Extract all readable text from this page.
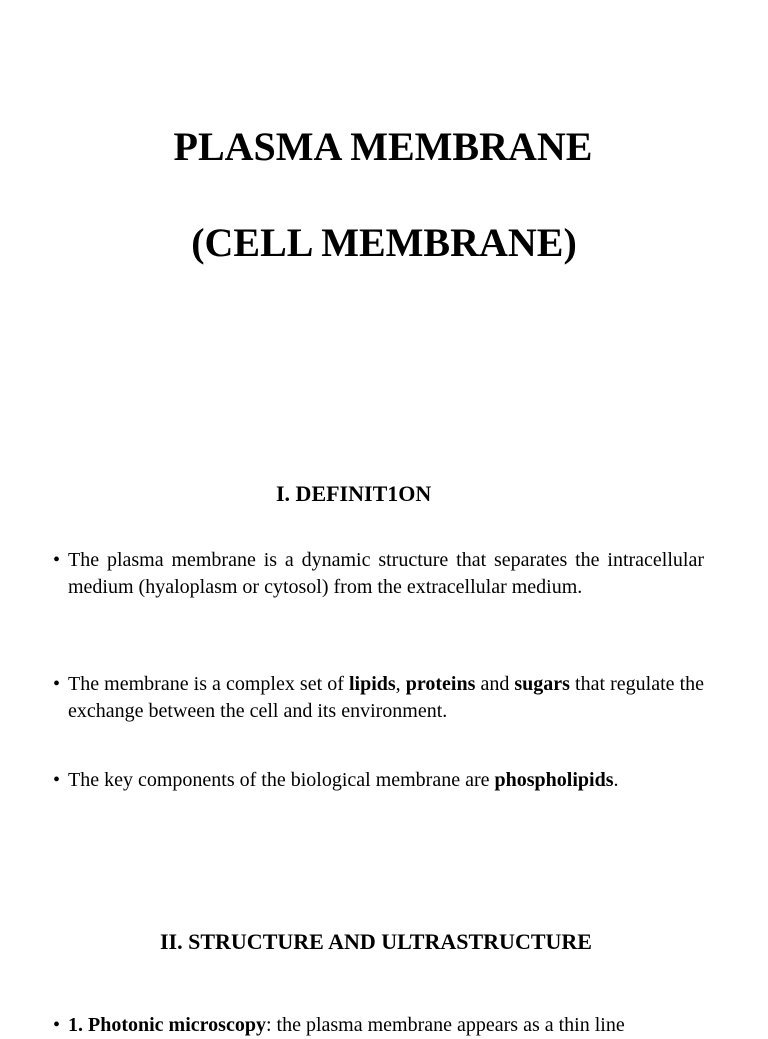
PLASMA MEMBRANE
(CELL MEMBRANE)
I. DEFINIT1ON
• The plasma membrane is a dynamic structure that separates the intracellular medium (hyaloplasm or cytosol) from the extracellular medium.
• The membrane is a complex set of lipids, proteins and sugars that regulate the exchange between the cell and its environment.
• The key components of the biological membrane are phospholipids.
II. STRUCTURE AND ULTRASTRUCTURE
• 1. Photonic microscopy: the plasma membrane appears as a thin line
